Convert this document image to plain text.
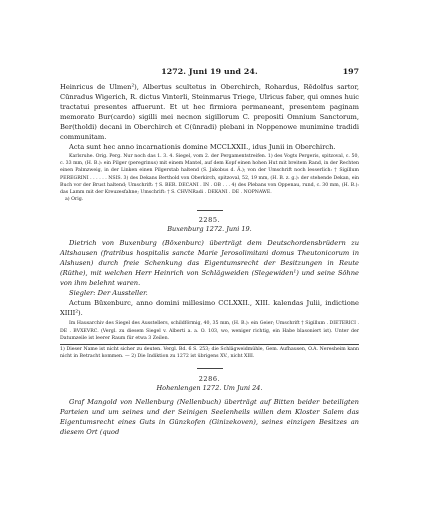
1272. Juni 19 und 24.	197

Heinricus de Ulmen²), Albertus scultetus in Oberchirch, Rohardus, Rēdolfus sartor, Cūnradus Wigerich, R. dictus Vinterli, Steinmarus Triege, Ulricus faber, qui omnes huic tractatui presentes affuerunt. Et ut hec firmiora permaneant, presentem paginam memorato Bur(cardo) sigilli mei necnon sigillorum C. prepositi Omnium Sanctorum, Ber(tholdi) decani in Oberchirch et C(ūnradi) plebani in Noppenowe munimine tradidi communitam.

Acta sunt hec anno incarnationis domine MCCLXXII., idus Junii in Oberchirch.

Karlsruhe. Orig. Perg. Nur noch das 1. 3. 4. Siegel, vom 2. der Pergamentstreifen. 1) des Vogts Pergeris, spitzoval, c. 50, c. 33 mm, (H. B.): ein Pilger (peregrinus) mit einem Mantel, auf dem Kopf einen hohen Hut mit breitem Rand, in der Rechten einen Palmzweig, in der Linken einen Pilgerstab haltend (S. Jakobus d. Ä.); von der Umschrift noch lesserlich: † Sigillum PEREGRINI . . . . . . NSIS. 3) des Dekans Berthold von Oberkirch, spitzoval, 52, 19 mm, (H. B. z. g.): der stehende Dekan, ein Buch vor der Brust haltend; Umschrift: † S. BER. DECANI . IN . OB . . . 4) des Plebans von Oppenau, rund, c. 30 mm, (H. B.): das Lamm mit der Kreuzesfahne; Umschrift: † S. CHVNRadi . DEKANI . DE . NOPNAWE.

a) Orig.

2285.

Buxenburg 1272. Juni 19.

Dietrich von Buxenburg (Bōxenburc) überträgt dem Deutschordensbrüdern zu Altshausen (fratribus hospitalis sancte Marie Jerosolimitani domus Theutonicorum in Alshusen) durch freie Schenkung das Eigentumsrecht der Besitzungen in Reute (Rüthe), mit welchen Herr Heinrich von Schlägweiden (Slegewiden¹) und seine Söhne von ihm belehnt waren.

Siegler: Der Aussteller.

Actum Būxenburc, anno domini millesimo CCLXXII., XIII. kalendas Julii, indictione XIIII²).

Im Hausarchiv des Siegel des Ausstellers, schildförmig, 40, 35 mm, (H. B.): ein Geier; Umschrift † Sigillum . DIETERICI . DE . BVXEVRC. (Vergl. zu diesem Siegel v. Alberti a. a. O. 103, wo, weniger richtig, ein Habe blasoniert ist). Unter der Datumzeile ist leerer Raum für etwa 3 Zeilen.

1) Dieser Name ist nicht sicher zu deuten. Vergl. Bd. 6 S. 253; die Schlägweidmühle, Gem. Aufhausen, O.A. Neresheim kann nicht in Betracht kommen. — 2) Die Indiktion zu 1272 ist übrigens XV., nicht XIII.

2286.

Hohenlengen 1272. Um Juni 24.

Graf Mangold von Nellenburg (Nellenbuch) überträgt auf Bitten beider beteiligten Parteien und um seines und der Seinigen Seelenheils willen dem Kloster Salem das Eigentumsrecht eines Guts in Günzkofen (Ginizekoven), seines einzigen Besitzes an diesem Ort (quod
